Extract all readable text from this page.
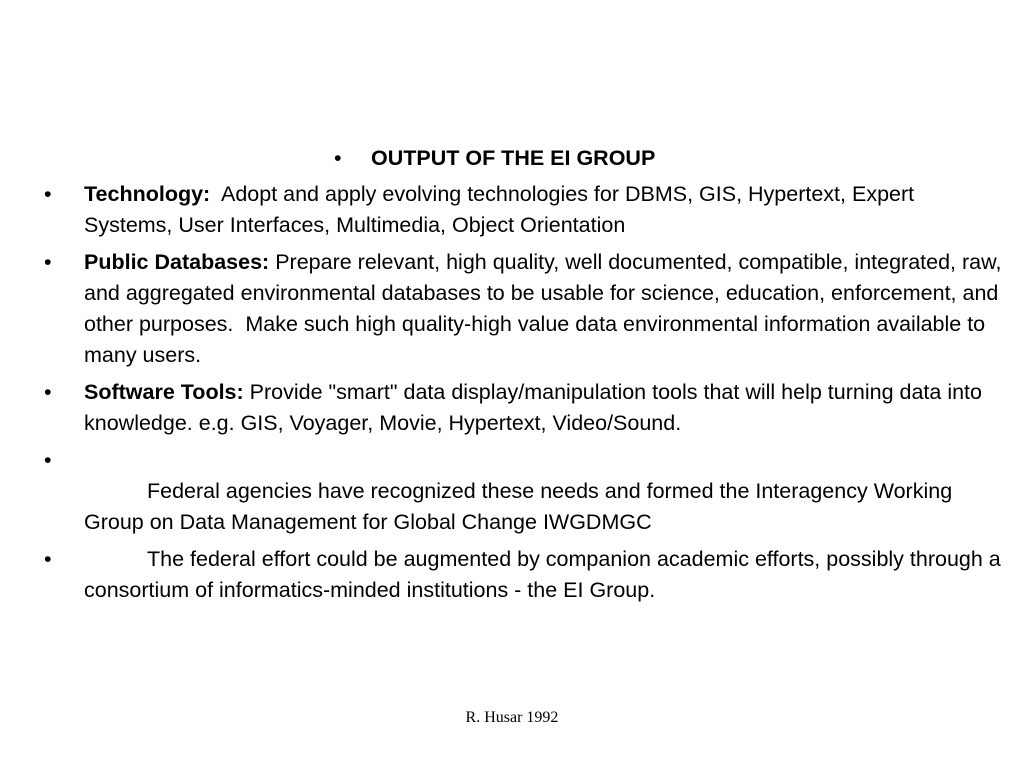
• OUTPUT OF THE EI GROUP
• Technology:  Adopt and apply evolving technologies for DBMS, GIS, Hypertext, Expert Systems, User Interfaces, Multimedia, Object Orientation
• Public Databases: Prepare relevant, high quality, well documented, compatible, integrated, raw, and aggregated environmental databases to be usable for science, education, enforcement, and other purposes.  Make such high quality-high value data environmental information available to many users.
• Software Tools: Provide "smart" data display/manipulation tools that will help turning data into knowledge. e.g. GIS, Voyager, Movie, Hypertext, Video/Sound.
•
Federal agencies have recognized these needs and formed the Interagency Working Group on Data Management for Global Change IWGDMGC
•	The federal effort could be augmented by companion academic efforts, possibly through a consortium of informatics-minded institutions - the EI Group.
R. Husar 1992
